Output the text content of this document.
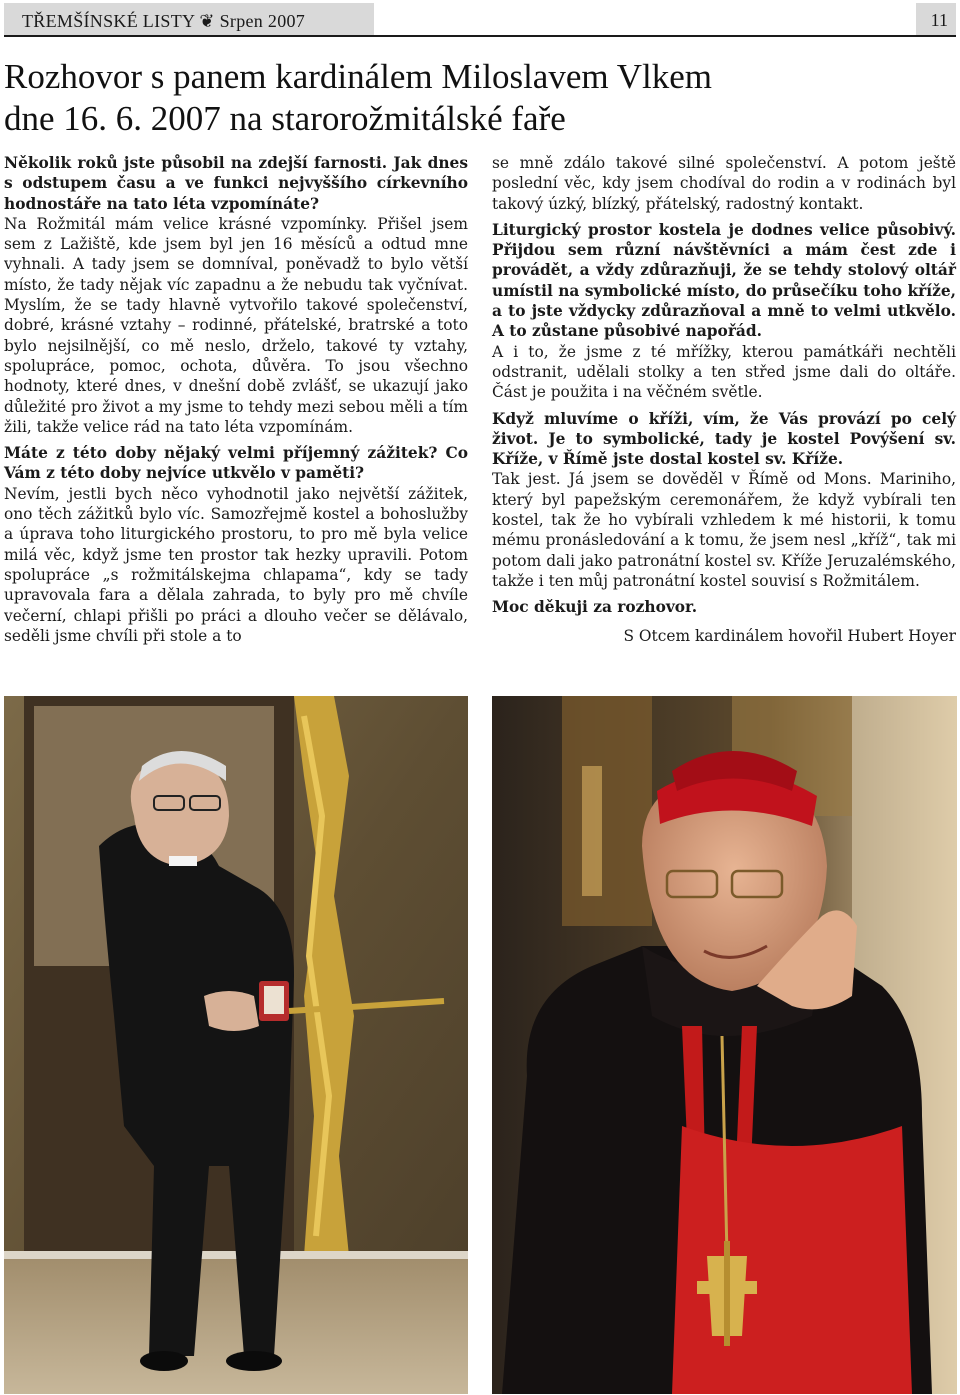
TŘEMŠÍNSKÉ LISTY ❦ Srpen 2007	11
Rozhovor s panem kardinálem Miloslavem Vlkem
dne 16. 6. 2007 na starorožmitálské faře

Několik roků jste působil na zdejší farnosti. Jak dnes s odstupem času a ve funkci nejvyššího církevního hodnostáře na tato léta vzpomínáte?

Na Rožmitál mám velice krásné vzpomínky. Přišel jsem sem z Lažiště, kde jsem byl jen 16 měsíců a odtud mne vyhnali. A tady jsem se domníval, poněvadž to bylo větší místo, že tady nějak víc zapadnu a že nebudu tak vyčnívat. Myslím, že se tady hlavně vytvořilo takové společenství, dobré, krásné vztahy – rodinné, přátelské, bratrské a toto bylo nejsilnější, co mě neslo, drželo, takové ty vztahy, spolupráce, pomoc, ochota, důvěra. To jsou všechno hodnoty, které dnes, v dnešní době zvlášť, se ukazují jako důležité pro život a my jsme to tehdy mezi sebou měli a tím žili, takže velice rád na tato léta vzpomínám.

Máte z této doby nějaký velmi příjemný zážitek? Co Vám z této doby nejvíce utkvělo v paměti?

Nevím, jestli bych něco vyhodnotil jako největší zážitek, ono těch zážitků bylo víc. Samozřejmě kostel a bohoslužby a úprava toho liturgického prostoru, to pro mě byla velice milá věc, když jsme ten prostor tak hezky upravili. Potom spolupráce „s rožmitálskejma chlapama“, kdy se tady upravovala fara a dělala zahrada, to byly pro mě chvíle večerní, chlapi přišli po práci a dlouho večer se dělávalo, seděli jsme chvíli při stole a to

se mně zdálo takové silné společenství. A potom ještě poslední věc, kdy jsem chodíval do rodin a v rodinách byl takový úzký, blízký, přátelský, radostný kontakt.

Liturgický prostor kostela je dodnes velice působivý. Přijdou sem různí návštěvníci a mám čest zde i provádět, a vždy zdůrazňuji, že se tehdy stolový oltář umístil na symbolické místo, do průsečíku toho kříže, a to jste vždycky zdůrazňoval a mně to velmi utkvělo. A to zůstane působivé napořád.

A i to, že jsme z té mřížky, kterou památkáři nechtěli odstranit, udělali stolky a ten střed jsme dali do oltáře. Část je použita i na věčném světle.

Když mluvíme o kříži, vím, že Vás provází po celý život. Je to symbolické, tady je kostel Povýšení sv. Kříže, v Římě jste dostal kostel sv. Kříže.

Tak jest. Já jsem se dověděl v Římě od Mons. Mariniho, který byl papežským ceremonářem, že když vybírali ten kostel, tak že ho vybírali vzhledem k mé historii, k tomu mému pronásledování a k tomu, že jsem nesl „kříž“, tak mi potom dali jako patronátní kostel sv. Kříže Jeruzalémského, takže i ten můj patronátní kostel souvisí s Rožmitálem.

Moc děkuji za rozhovor.

S Otcem kardinálem hovořil Hubert Hoyer
